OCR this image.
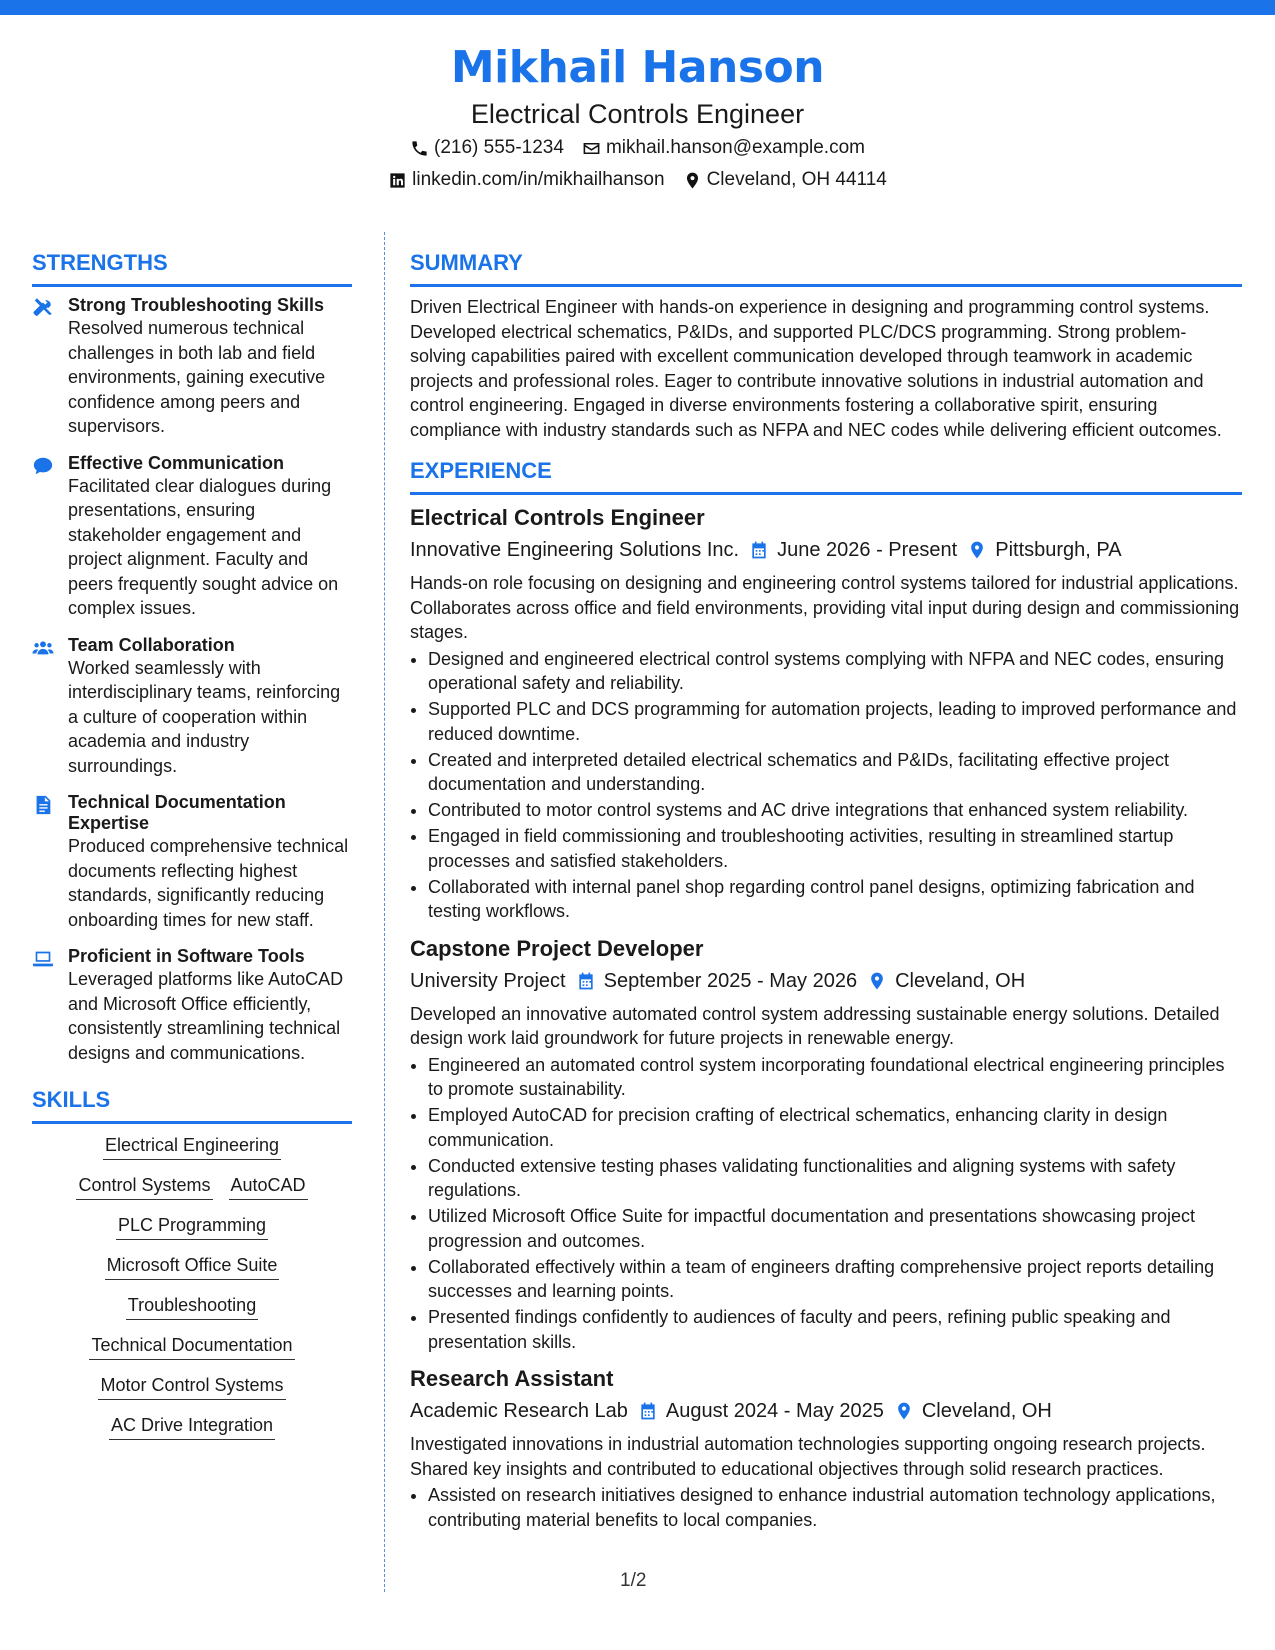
Mikhail Hanson
Electrical Controls Engineer
(216) 555-1234 mikhail.hanson@example.com
linkedin.com/in/mikhailhanson Cleveland, OH 44114
STRENGTHS
Strong Troubleshooting Skills
Resolved numerous technical challenges in both lab and field environments, gaining executive confidence among peers and supervisors.
Effective Communication
Facilitated clear dialogues during presentations, ensuring stakeholder engagement and project alignment. Faculty and peers frequently sought advice on complex issues.
Team Collaboration
Worked seamlessly with interdisciplinary teams, reinforcing a culture of cooperation within academia and industry surroundings.
Technical Documentation Expertise
Produced comprehensive technical documents reflecting highest standards, significantly reducing onboarding times for new staff.
Proficient in Software Tools
Leveraged platforms like AutoCAD and Microsoft Office efficiently, consistently streamlining technical designs and communications.
SKILLS
Electrical Engineering
Control Systems AutoCAD
PLC Programming
Microsoft Office Suite
Troubleshooting
Technical Documentation
Motor Control Systems
AC Drive Integration
SUMMARY

Driven Electrical Engineer with hands-on experience in designing and programming control systems. Developed electrical schematics, P&IDs, and supported PLC/DCS programming. Strong problem-solving capabilities paired with excellent communication developed through teamwork in academic projects and professional roles. Eager to contribute innovative solutions in industrial automation and control engineering. Engaged in diverse environments fostering a collaborative spirit, ensuring compliance with industry standards such as NFPA and NEC codes while delivering efficient outcomes.

EXPERIENCE
Electrical Controls Engineer
Innovative Engineering Solutions Inc. June 2026 - Present Pittsburgh, PA

Hands-on role focusing on designing and engineering control systems tailored for industrial applications. Collaborates across office and field environments, providing vital input during design and commissioning stages.

• Designed and engineered electrical control systems complying with NFPA and NEC codes, ensuring operational safety and reliability.
• Supported PLC and DCS programming for automation projects, leading to improved performance and reduced downtime.
• Created and interpreted detailed electrical schematics and P&IDs, facilitating effective project documentation and understanding.
• Contributed to motor control systems and AC drive integrations that enhanced system reliability.
• Engaged in field commissioning and troubleshooting activities, resulting in streamlined startup processes and satisfied stakeholders.
• Collaborated with internal panel shop regarding control panel designs, optimizing fabrication and testing workflows.
Capstone Project Developer
University Project September 2025 - May 2026 Cleveland, OH

Developed an innovative automated control system addressing sustainable energy solutions. Detailed design work laid groundwork for future projects in renewable energy.

• Engineered an automated control system incorporating foundational electrical engineering principles to promote sustainability.
• Employed AutoCAD for precision crafting of electrical schematics, enhancing clarity in design communication.
• Conducted extensive testing phases validating functionalities and aligning systems with safety regulations.
• Utilized Microsoft Office Suite for impactful documentation and presentations showcasing project progression and outcomes.
• Collaborated effectively within a team of engineers drafting comprehensive project reports detailing successes and learning points.
• Presented findings confidently to audiences of faculty and peers, refining public speaking and presentation skills.
Research Assistant
Academic Research Lab August 2024 - May 2025 Cleveland, OH

Investigated innovations in industrial automation technologies supporting ongoing research projects. Shared key insights and contributed to educational objectives through solid research practices.

• Assisted on research initiatives designed to enhance industrial automation technology applications, contributing material benefits to local companies.
1/2
